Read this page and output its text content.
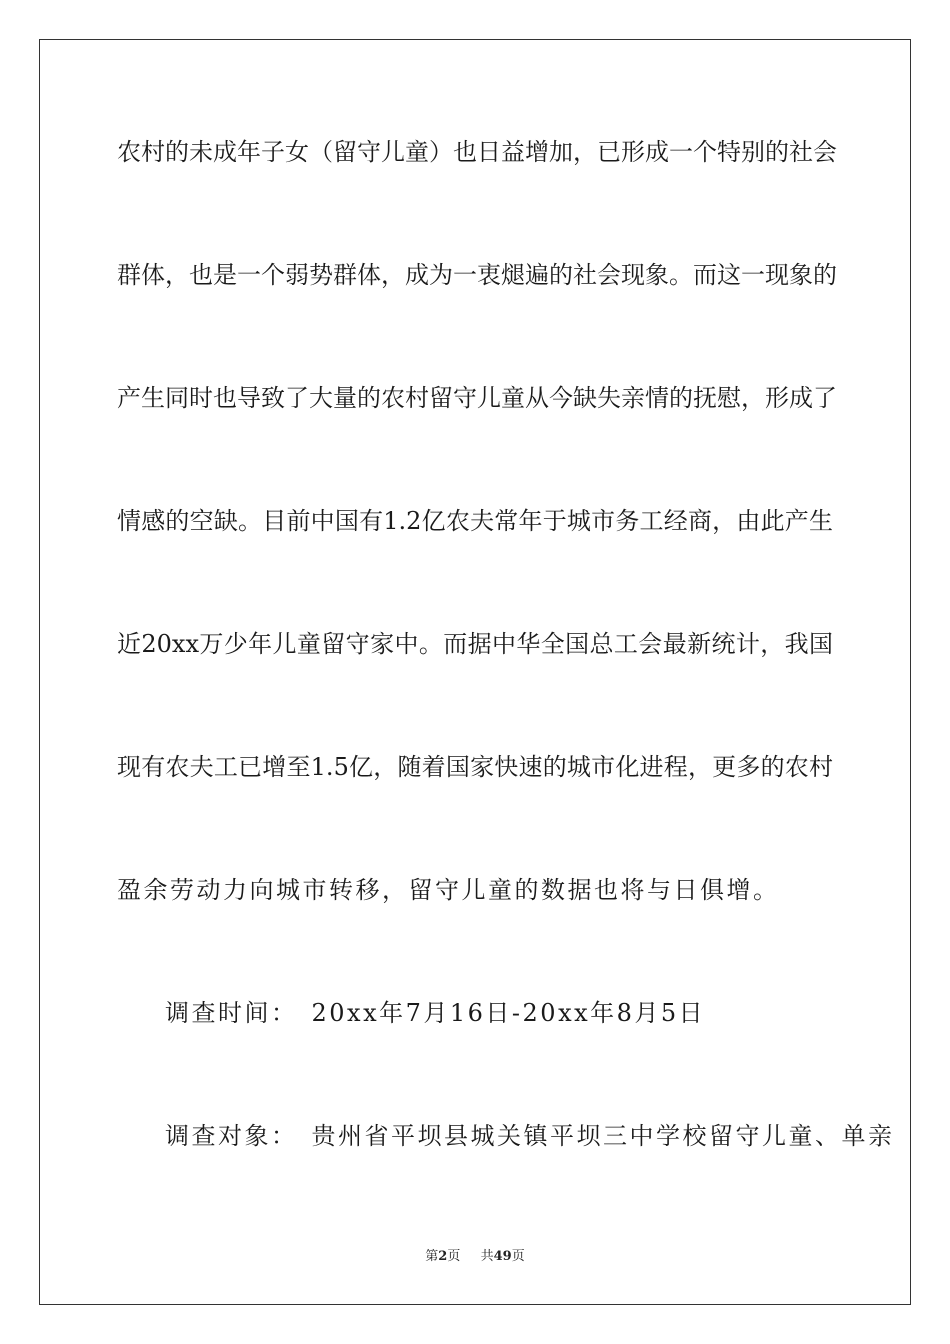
农村的未成年子女（留守儿童）也日益增加，已形成一个特别的社会
群体，也是一个弱势群体，成为一衷煺遍的社会现象。而这一现象的
产生同时也导致了大量的农村留守儿童从今缺失亲情的抚慰，形成了
情感的空缺。目前中国有1.2亿农夫常年于城市务工经商，由此产生
近20xx万少年儿童留守家中。而据中华全国总工会最新统计，我国
现有农夫工已增至1.5亿，随着国家快速的城市化进程，更多的农村
盈余劳动力向城市转移，留守儿童的数据也将与日俱增。
调查时间： 20xx年7月16日-20xx年8月5日
调查对象： 贵州省平坝县城关镇平坝三中学校留守儿童、单亲
第2页 共49页
